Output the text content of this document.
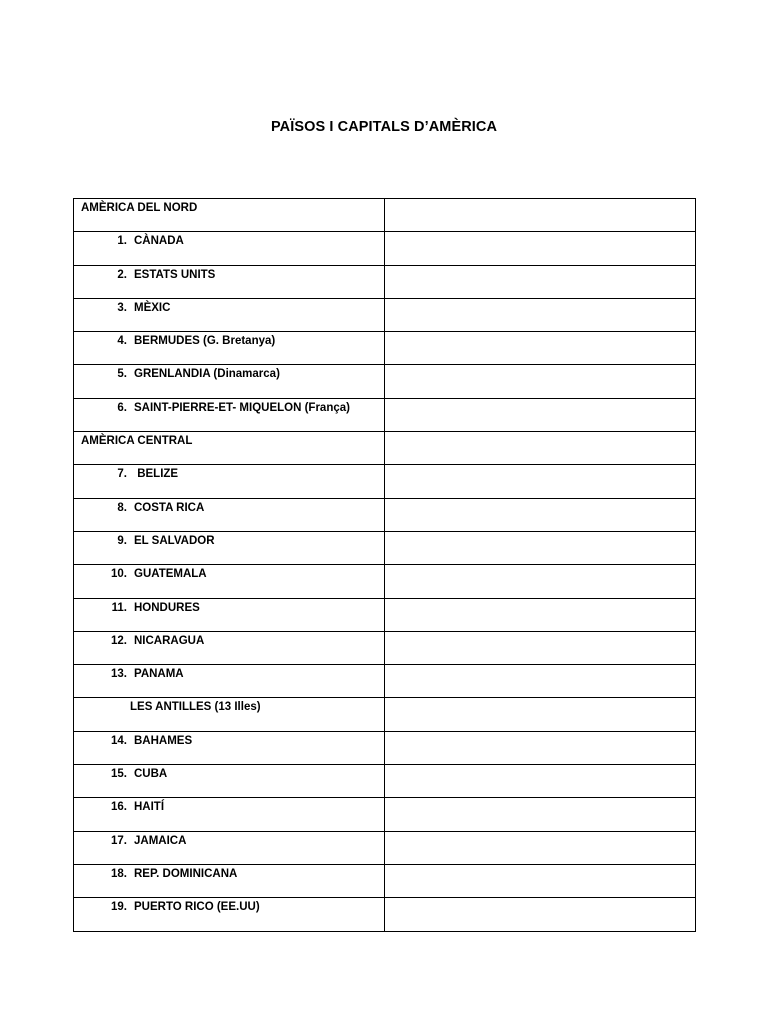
PAÏSOS I CAPITALS D’AMÈRICA
AMÈRICA DEL NORD	

1. CÀNADA	

2. ESTATS UNITS	

3. MÈXIC	

4. BERMUDES (G. Bretanya)	

5. GRENLANDIA (Dinamarca)	

6. SAINT-PIERRE-ET- MIQUELON (França)	

AMÈRICA CENTRAL	

7. BELIZE	

8. COSTA RICA	

9. EL SALVADOR	

10. GUATEMALA	

11. HONDURES	

12. NICARAGUA	

13. PANAMA	

LES ANTILLES (13 Illes)	

14. BAHAMES	

15. CUBA	

16. HAITÍ	

17. JAMAICA	

18. REP. DOMINICANA	

19. PUERTO RICO (EE.UU)	
